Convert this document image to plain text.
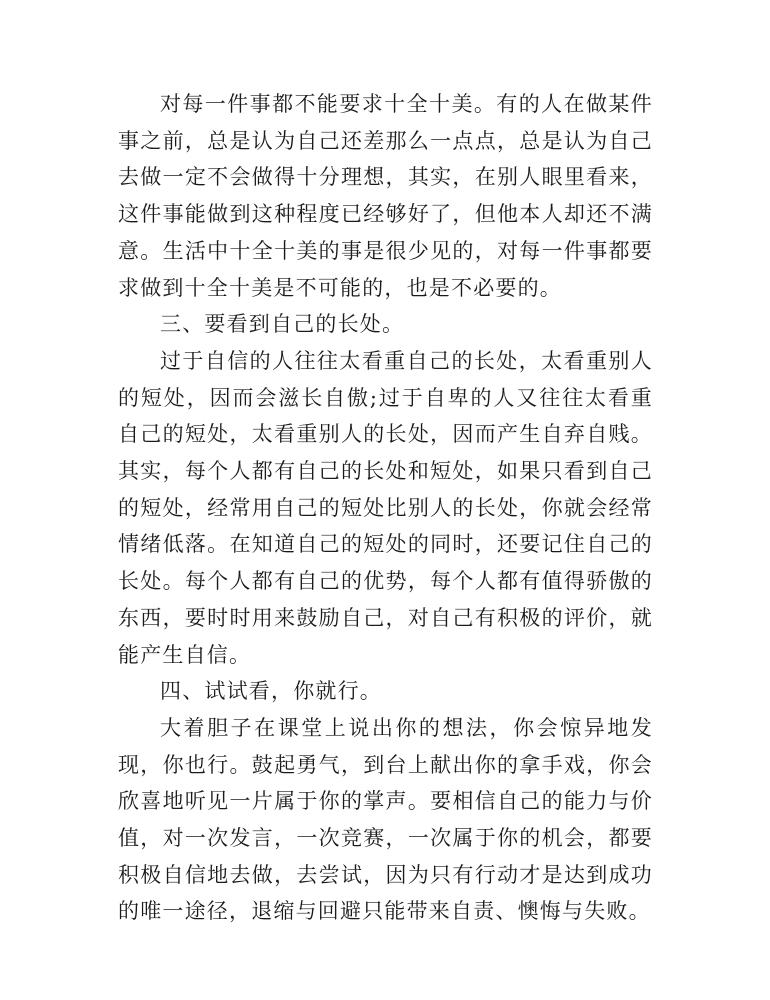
对每一件事都不能要求十全十美。有的人在做某件事之前，总是认为自己还差那么一点点，总是认为自己去做一定不会做得十分理想，其实，在别人眼里看来，这件事能做到这种程度已经够好了，但他本人却还不满意。生活中十全十美的事是很少见的，对每一件事都要求做到十全十美是不可能的，也是不必要的。

三、要看到自己的长处。

过于自信的人往往太看重自己的长处，太看重别人的短处，因而会滋长自傲;过于自卑的人又往往太看重自己的短处，太看重别人的长处，因而产生自弃自贱。其实，每个人都有自己的长处和短处，如果只看到自己的短处，经常用自己的短处比别人的长处，你就会经常情绪低落。在知道自己的短处的同时，还要记住自己的长处。每个人都有自己的优势，每个人都有值得骄傲的东西，要时时用来鼓励自己，对自己有积极的评价，就能产生自信。

四、试试看，你就行。

大着胆子在课堂上说出你的想法，你会惊异地发现，你也行。鼓起勇气，到台上献出你的拿手戏，你会欣喜地听见一片属于你的掌声。要相信自己的能力与价值，对一次发言，一次竞赛，一次属于你的机会，都要积极自信地去做，去尝试，因为只有行动才是达到成功的唯一途径，退缩与回避只能带来自责、懊悔与失败。
